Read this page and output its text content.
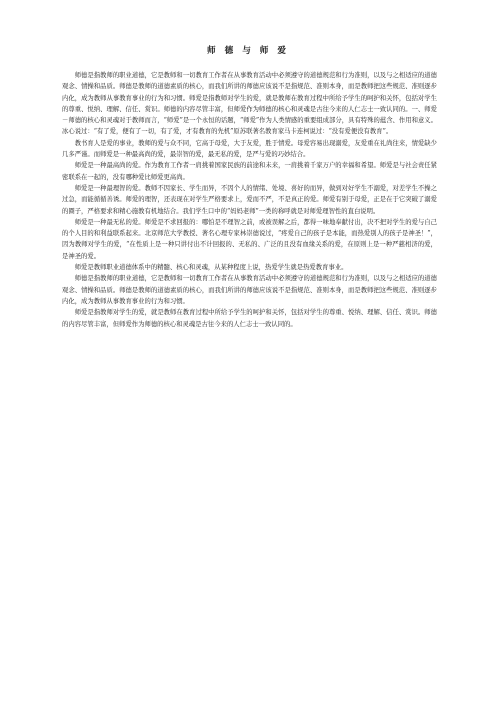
师 德 与 师 爱

师德是指教师的职业道德，它是教师和一切教育工作者在从事教育活动中必须遵守的道德规范和行为准则，以及与之相适应的道德观念、情操和品质。师德是教师的道德素质的核心，而我们所讲的师德应该说不是指规范、准则本身，而是教师把这些规范、准则逐步内化，成为教师从事教育事业的行为和习惯。师爱是指教师对学生的爱，就是教师在教育过程中所给予学生的呵护和关怀，包括对学生的尊重、悦纳、理解、信任、赏识。师德的内容尽管丰富，但师爱作为师德的核心和灵魂是古往今来的人仁志士一致认同的。一、师爱－师德的核心和灵魂对于教师而言，“师爱”是一个永恒的话题，“师爱”作为人类情感的重要组成部分，具有特殊的蕴含、作用和意义。冰心说过：“有了爱，便有了一切，有了爱，才有教育的先机”原苏联著名教育家马卡连柯说过：“没有爱便没有教育”。

教书育人是爱的事业，教师的爱与众不同，它高于母爱，大于友爱，胜于情爱。母爱容易出现溺爱，友爱重在礼尚往来，情爱缺少几多严谨。而师爱是一种最高尚的爱，最崇智的爱，最无私的爱，是严与爱的巧妙结合。

师爱是一种最高尚的爱。作为教育工作者一肩挑着国家民族的前途和未来，一肩挑着千家万户的幸福和希望。师爱是与社会责任紧密联系在一起的，没有哪种爱比师爱更高尚。

师爱是一种最理智的爱。教师不因家长、学生而异，不因个人的情绪、处境、喜好的而异，做到对好学生不溺爱，对差学生不操之过急，而能循循善诱。师爱的理智，还表现在对学生严格要求上，爱而不严，不是真正的爱。师爱有别于母爱，正是在于它突破了溺爱的圈子，严格要求和精心施教有机地结合。我们学生口中的“妈妈老师”一类的称呼就是对师爱理智性的直白说明。

师爱是一种最无私的爱。师爱是不求回报的：哪怕是不理智之前，或被误解之后，都得一味地奉献付出，决不把对学生的爱与自己的个人目的和利益联系起来。北京师范大学教授、著名心理专家林崇德说过，“疼爱自己的孩子是本能，而热爱别人的孩子是神圣！”，因为教师对学生的爱，“在性质上是一种只讲付出不计回报的、无私的、广泛的且没有血缘关系的爱，在原则上是一种严慈相济的爱，是神圣的爱。

师爱是教师职业道德体系中的精髓、核心和灵魂，从某种程度上说，热爱学生就是热爱教育事业。

师德是指教师的职业道德，它是教师和一切教育工作者在从事教育活动中必须遵守的道德规范和行为准则，以及与之相适应的道德观念、情操和品质。师德是教师的道德素质的核心，而我们所讲的师德应该说不是指规范、准则本身，而是教师把这些规范、准则逐步内化，成为教师从事教育事业的行为和习惯。

师爱是指教师对学生的爱，就是教师在教育过程中所给予学生的呵护和关怀，包括对学生的尊重、悦纳、理解、信任、赏识。师德的内容尽管丰富，但师爱作为师德的核心和灵魂是古往今来的人仁志士一致认同的。
